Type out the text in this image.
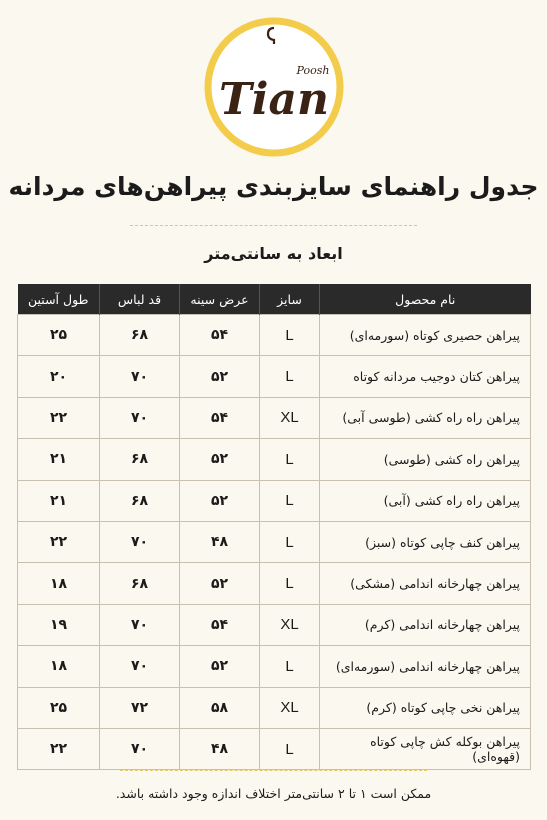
Tian
Poosh
جدول راهنمای سایزبندی پیراهن‌های مردانه
ابعاد به سانتی‌متر
نام محصول	سایز	عرض سینه	قد لباس	طول آستین
پیراهن حصیری کوتاه (سورمه‌ای)	L	۵۴	۶۸	۲۵
پیراهن کتان دوجیب مردانه کوتاه	L	۵۲	۷۰	۲۰
پیراهن راه راه کشی (طوسی آبی)	XL	۵۴	۷۰	۲۲
پیراهن راه کشی (طوسی)	L	۵۲	۶۸	۲۱
پیراهن راه راه کشی (آبی)	L	۵۲	۶۸	۲۱
پیراهن کنف چاپی کوتاه (سبز)	L	۴۸	۷۰	۲۲
پیراهن چهارخانه اندامی (مشکی)	L	۵۲	۶۸	۱۸
پیراهن چهارخانه اندامی (کرم)	XL	۵۴	۷۰	۱۹
پیراهن چهارخانه اندامی (سورمه‌ای)	L	۵۲	۷۰	۱۸
پیراهن نخی چاپی کوتاه (کرم)	XL	۵۸	۷۲	۲۵
پیراهن بوکله کش چاپی کوتاه (قهوه‌ای)	L	۴۸	۷۰	۲۲
ممکن است ۱ تا ۲ سانتی‌متر اختلاف اندازه وجود داشته باشد.
